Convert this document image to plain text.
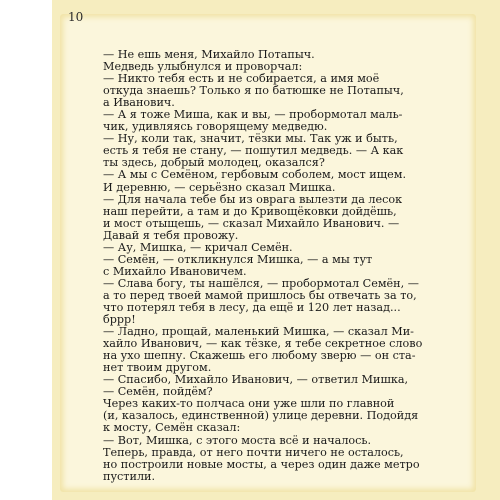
10
— Не ешь меня, Михайло Потапыч.
Медведь улыбнулся и проворчал:
— Никто тебя есть и не собирается, а имя моё
откуда знаешь? Только я по батюшке не Потапыч,
а Иванович.
— А я тоже Миша, как и вы, — пробормотал маль-
чик, удивляясь говорящему медведю.
— Ну, коли так, значит, тёзки мы. Так уж и быть,
есть я тебя не стану, — пошутил медведь. — А как
ты здесь, добрый молодец, оказался?
— А мы с Семёном, гербовым соболем, мост ищем.
И деревню, — серьёзно сказал Мишка.
— Для начала тебе бы из оврага вылезти да лесок
наш перейти, а там и до Кривощёковки дойдёшь,
и мост отыщешь, — сказал Михайло Иванович. —
Давай я тебя провожу.
— Ау, Мишка, — кричал Семён.
— Семён, — откликнулся Мишка, — а мы тут
с Михайло Ивановичем.
— Слава богу, ты нашёлся, — пробормотал Семён, —
а то перед твоей мамой пришлось бы отвечать за то,
что потерял тебя в лесу, да ещё и 120 лет назад...
бррр!
— Ладно, прощай, маленький Мишка, — сказал Ми-
хайло Иванович, — как тёзке, я тебе секретное слово
на ухо шепну. Скажешь его любому зверю — он ста-
нет твоим другом.
— Спасибо, Михайло Иванович, — ответил Мишка,
— Семён, пойдём?
Через каких-то полчаса они уже шли по главной
(и, казалось, единственной) улице деревни. Подойдя
к мосту, Семён сказал:
— Вот, Мишка, с этого моста всё и началось.
Теперь, правда, от него почти ничего не осталось,
но построили новые мосты, а через один даже метро
пустили.
